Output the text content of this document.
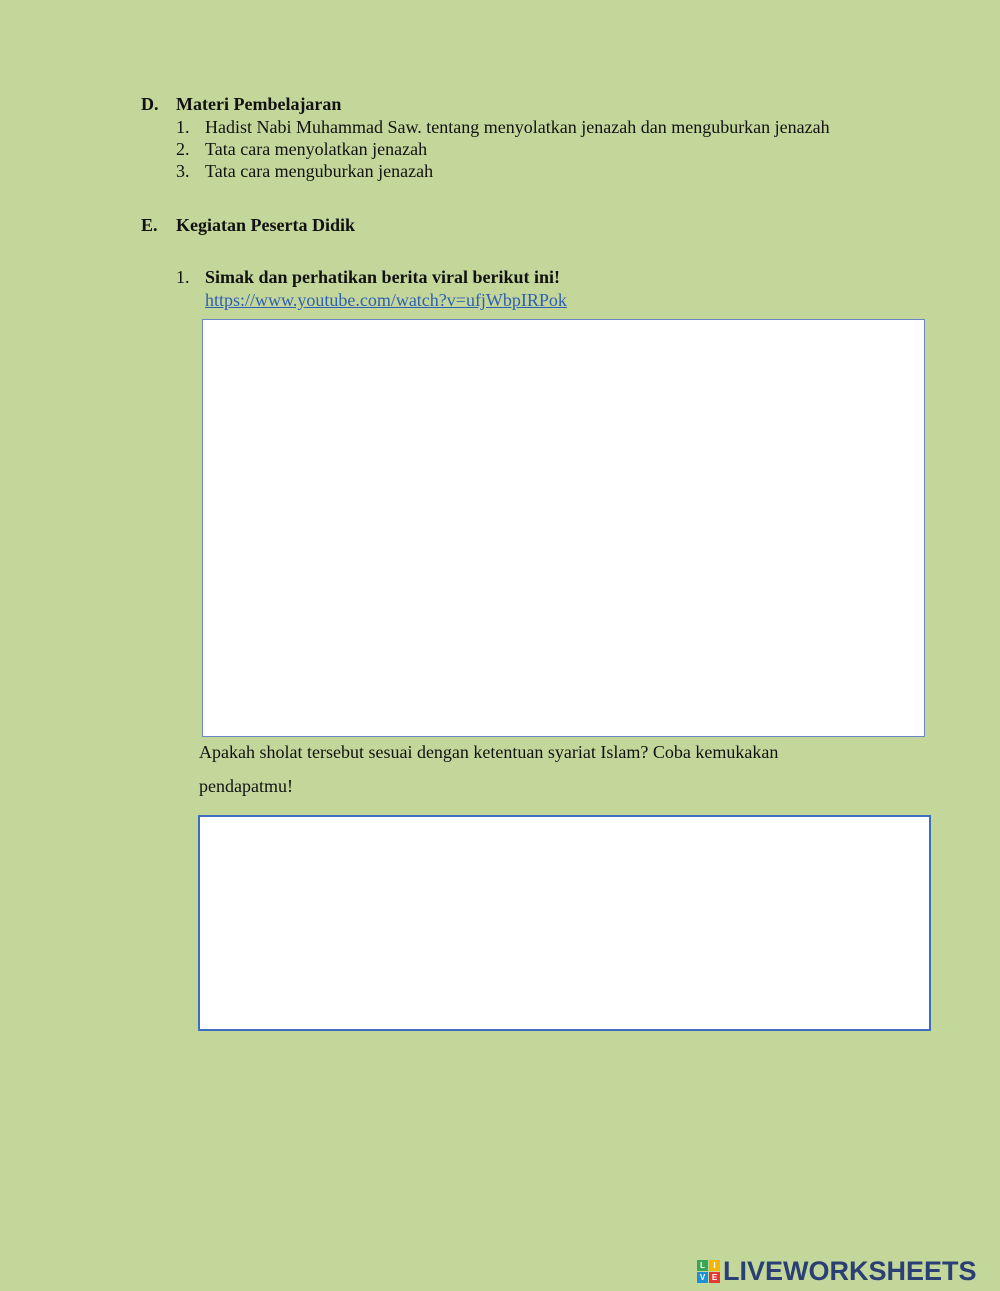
D. Materi Pembelajaran
1. Hadist Nabi Muhammad Saw. tentang menyolatkan jenazah dan menguburkan jenazah
2. Tata cara menyolatkan jenazah
3. Tata cara menguburkan jenazah
E. Kegiatan Peserta Didik
1. Simak dan perhatikan berita viral berikut ini!
https://www.youtube.com/watch?v=ufjWbpIRPok
Apakah sholat tersebut sesuai dengan ketentuan syariat Islam? Coba kemukakan
pendapatmu!
L	I
V E LIVEWORKSHEETS
